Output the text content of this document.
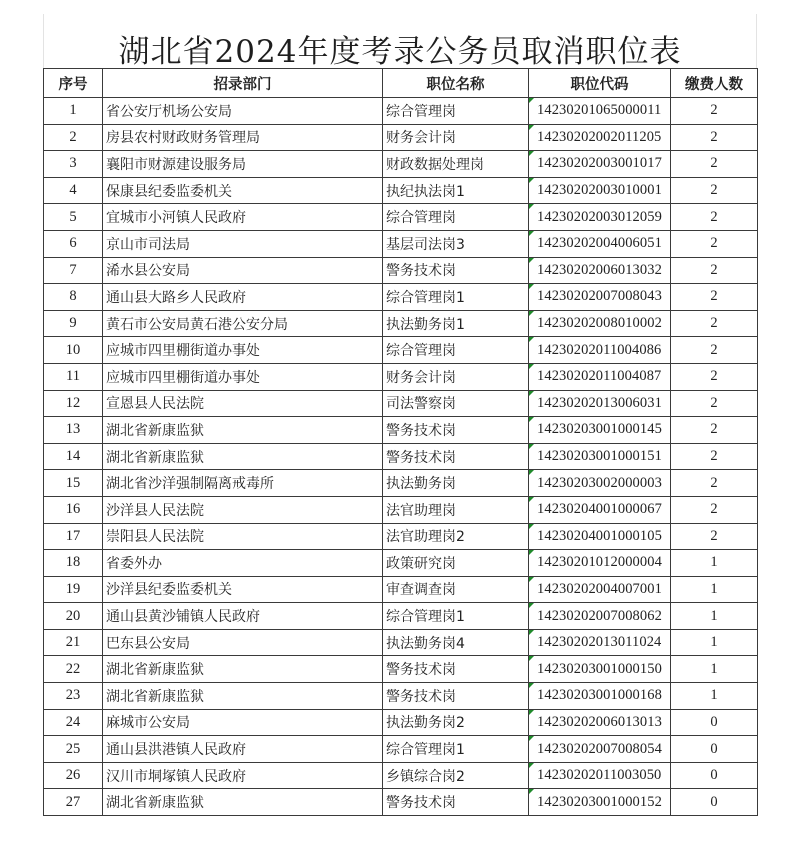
湖北省2024年度考录公务员取消职位表
序号	招录部门	职位名称	职位代码	缴费人数
1	省公安厅机场公安局	综合管理岗	14230201065000011	2
2	房县农村财政财务管理局	财务会计岗	14230202002011205	2
3	襄阳市财源建设服务局	财政数据处理岗	14230202003001017	2
4	保康县纪委监委机关	执纪执法岗1	14230202003010001	2
5	宜城市小河镇人民政府	综合管理岗	14230202003012059	2
6	京山市司法局	基层司法岗3	14230202004006051	2
7	浠水县公安局	警务技术岗	14230202006013032	2
8	通山县大路乡人民政府	综合管理岗1	14230202007008043	2
9	黄石市公安局黄石港公安分局	执法勤务岗1	14230202008010002	2
10	应城市四里棚街道办事处	综合管理岗	14230202011004086	2
11	应城市四里棚街道办事处	财务会计岗	14230202011004087	2
12	宣恩县人民法院	司法警察岗	14230202013006031	2
13	湖北省新康监狱	警务技术岗	14230203001000145	2
14	湖北省新康监狱	警务技术岗	14230203001000151	2
15	湖北省沙洋强制隔离戒毒所	执法勤务岗	14230203002000003	2
16	沙洋县人民法院	法官助理岗	14230204001000067	2
17	崇阳县人民法院	法官助理岗2	14230204001000105	2
18	省委外办	政策研究岗	14230201012000004	1
19	沙洋县纪委监委机关	审查调查岗	14230202004007001	1
20	通山县黄沙铺镇人民政府	综合管理岗1	14230202007008062	1
21	巴东县公安局	执法勤务岗4	14230202013011024	1
22	湖北省新康监狱	警务技术岗	14230203001000150	1
23	湖北省新康监狱	警务技术岗	14230203001000168	1
24	麻城市公安局	执法勤务岗2	14230202006013013	0
25	通山县洪港镇人民政府	综合管理岗1	14230202007008054	0
26	汉川市垌塚镇人民政府	乡镇综合岗2	14230202011003050	0
27	湖北省新康监狱	警务技术岗	14230203001000152	0
